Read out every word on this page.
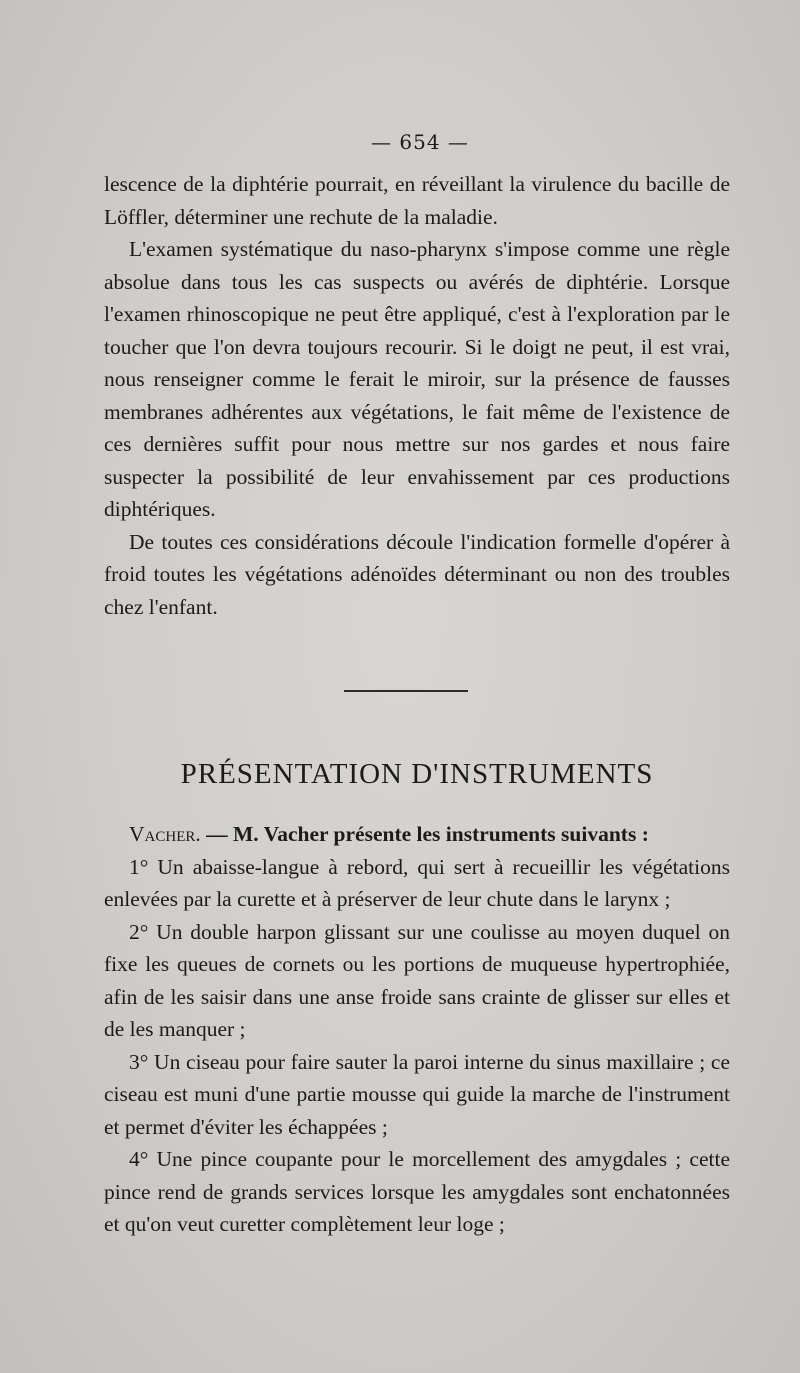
— 654 —

lescence de la diphtérie pourrait, en réveillant la virulence du bacille de Löffler, déterminer une rechute de la maladie.

L'examen systématique du naso-pharynx s'impose comme une règle absolue dans tous les cas suspects ou avérés de diphtérie. Lorsque l'examen rhinoscopique ne peut être appliqué, c'est à l'exploration par le toucher que l'on devra toujours recourir. Si le doigt ne peut, il est vrai, nous renseigner comme le ferait le miroir, sur la présence de fausses membranes adhérentes aux végétations, le fait même de l'existence de ces dernières suffit pour nous mettre sur nos gardes et nous faire suspecter la possibilité de leur envahissement par ces productions diphtériques.

De toutes ces considérations découle l'indication formelle d'opérer à froid toutes les végétations adénoïdes déterminant ou non des troubles chez l'enfant.

PRÉSENTATION D'INSTRUMENTS

Vacher. — M. Vacher présente les instruments suivants :

1° Un abaisse-langue à rebord, qui sert à recueillir les végétations enlevées par la curette et à préserver de leur chute dans le larynx ;

2° Un double harpon glissant sur une coulisse au moyen duquel on fixe les queues de cornets ou les portions de muqueuse hypertrophiée, afin de les saisir dans une anse froide sans crainte de glisser sur elles et de les manquer ;

3° Un ciseau pour faire sauter la paroi interne du sinus maxillaire ; ce ciseau est muni d'une partie mousse qui guide la marche de l'instrument et permet d'éviter les échappées ;

4° Une pince coupante pour le morcellement des amygdales ; cette pince rend de grands services lorsque les amygdales sont enchatonnées et qu'on veut curetter complètement leur loge ;
